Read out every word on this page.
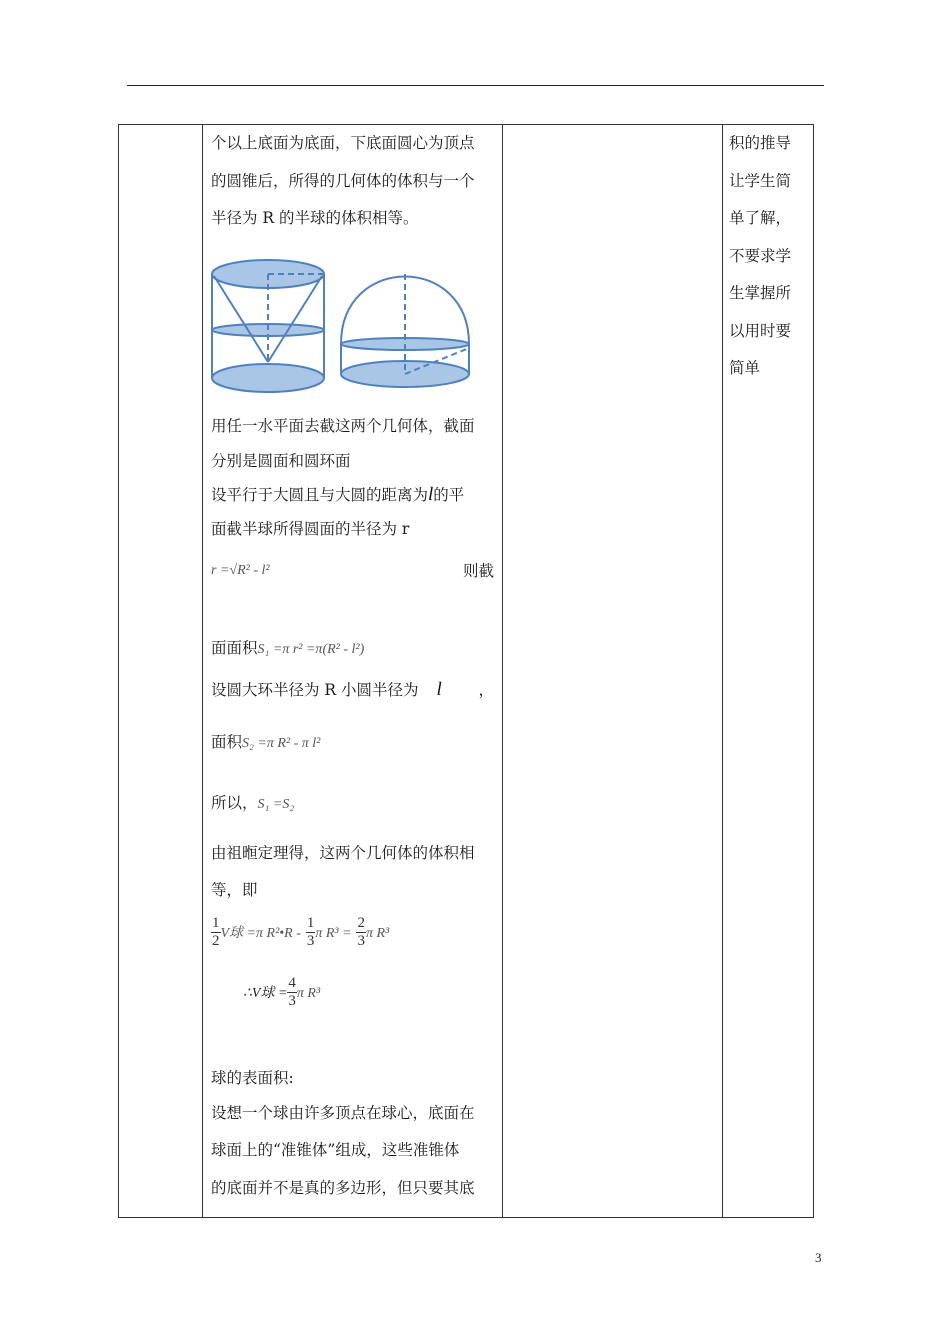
个以上底面为底面，下底面圆心为顶点
的圆锥后，所得的几何体的体积与一个
半径为 R 的半球的体积相等。
用任一水平面去截这两个几何体，截面
分别是圆面和圆环面
设平行于大圆且与大圆的距离为l的平
面截半球所得圆面的半径为 r
r =√R² - l²	则截
面面积S₁ =π r² =π(R² - l²)
设圆大环半径为 R 小圆半径为 l ，
面积S₂ =π R² - π l²
所以，S₁ =S₂
由祖暅定理得，这两个几何体的体积相
等，即
$\frac{1}{2}$ V球 =π R²•R - $\frac{1}{3}$ π $R^3 = \frac{2}{3}$ π R³
∴V球 = $\frac{4}{3}$ π R³
球的表面积:
设想一个球由许多顶点在球心，底面在
球面上的“准锥体”组成，这些准锥体
的底面并不是真的多边形，但只要其底

积的推导
让学生简
单了解，
不要求学
生掌握所
以用时要
简单
3
